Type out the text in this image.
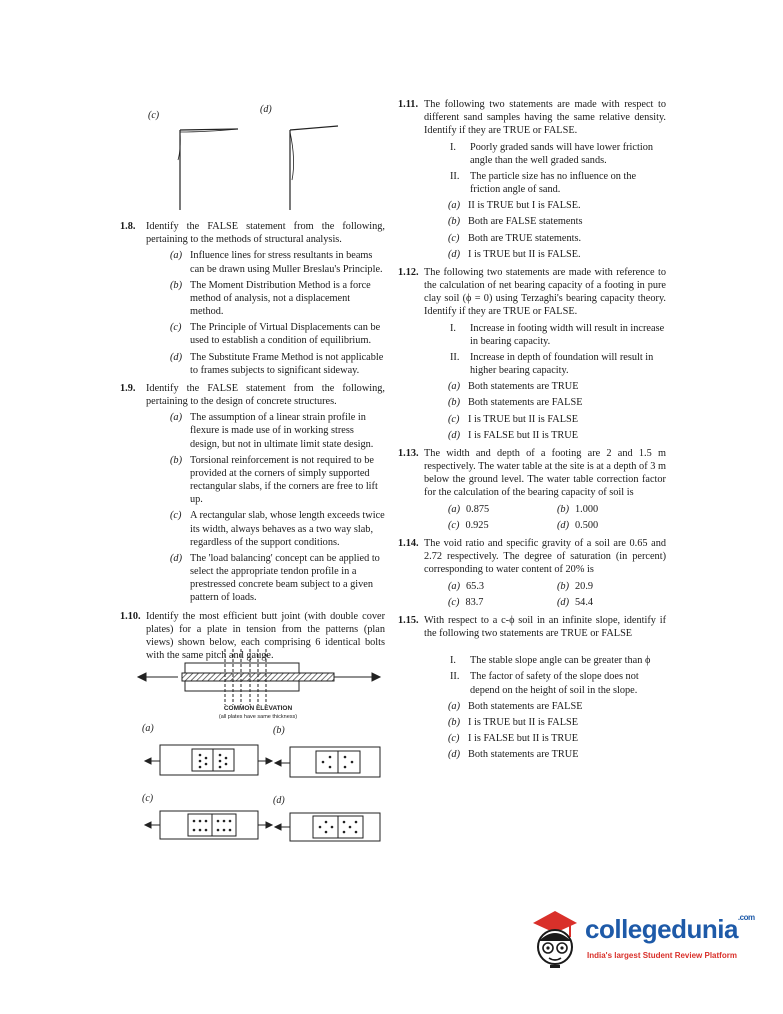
(c)
(d)
1.8. Identify the FALSE statement from the following, pertaining to the methods of structural analysis.
(a) Influence lines for stress resultants in beams can be drawn using Muller Breslau's Principle.
(b) The Moment Distribution Method is a force method of analysis, not a displacement method.
(c) The Principle of Virtual Displacements can be used to establish a condition of equilibrium.
(d) The Substitute Frame Method is not applicable to frames subjects to significant sideway.
1.9. Identify the FALSE statement from the following, pertaining to the design of concrete structures.
(a) The assumption of a linear strain profile in flexure is made use of in working stress design, but not in ultimate limit state design.
(b) Torsional reinforcement is not required to be provided at the corners of simply supported rectangular slabs, if the corners are free to lift up.
(c) A rectangular slab, whose length exceeds twice its width, always behaves as a two way slab, regardless of the support conditions.
(d) The 'load balancing' concept can be applied to select the appropriate tendon profile in a prestressed concrete beam subject to a given pattern of loads.
1.10. Identify the most efficient butt joint (with double cover plates) for a plate in tension from the patterns (plan views) shown below, each comprising 6 identical bolts with the same pitch and gauge.
COMMON ELEVATION
(all plates have same thickness)
(a)	(b)
(c)	(d)
1.11. The following two statements are made with respect to different sand samples having the same relative density. Identify if they are TRUE or FALSE.
I. Poorly graded sands will have lower friction angle than the well graded sands.
II. The particle size has no influence on the friction angle of sand.
(a) II is TRUE but I is FALSE.
(b) Both are FALSE statements
(c) Both are TRUE statements.
(d) I is TRUE but II is FALSE.
1.12. The following two statements are made with reference to the calculation of net bearing capacity of a footing in pure clay soil (ϕ = 0) using Terzaghi's bearing capacity theory. Identify if they are TRUE or FALSE.
I. Increase in footing width will result in increase in bearing capacity.
II. Increase in depth of foundation will result in higher bearing capacity.
(a) Both statements are TRUE
(b) Both statements are FALSE
(c) I is TRUE but II is FALSE
(d) I is FALSE but II is TRUE
1.13. The width and depth of a footing are 2 and 1.5 m respectively. The water table at the site is at a depth of 3 m below the ground level. The water table correction factor for the calculation of the bearing capacity of soil is
(a) 0.875	(b) 1.000
(c) 0.925	(d) 0.500
1.14. The void ratio and specific gravity of a soil are 0.65 and 2.72 respectively. The degree of saturation (in percent) corresponding to water content of 20% is
(a) 65.3	(b) 20.9
(c) 83.7	(d) 54.4
1.15. With respect to a c-ϕ soil in an infinite slope, identify if the following two statements are TRUE or FALSE
I. The stable slope angle can be greater than ϕ
II. The factor of safety of the slope does not depend on the height of soil in the slope.
(a) Both statements are FALSE
(b) I is TRUE but II is FALSE
(c) I is FALSE but II is TRUE
(d) Both statements are TRUE
collegedunia$^{.com}$
India's largest Student Review Platform
